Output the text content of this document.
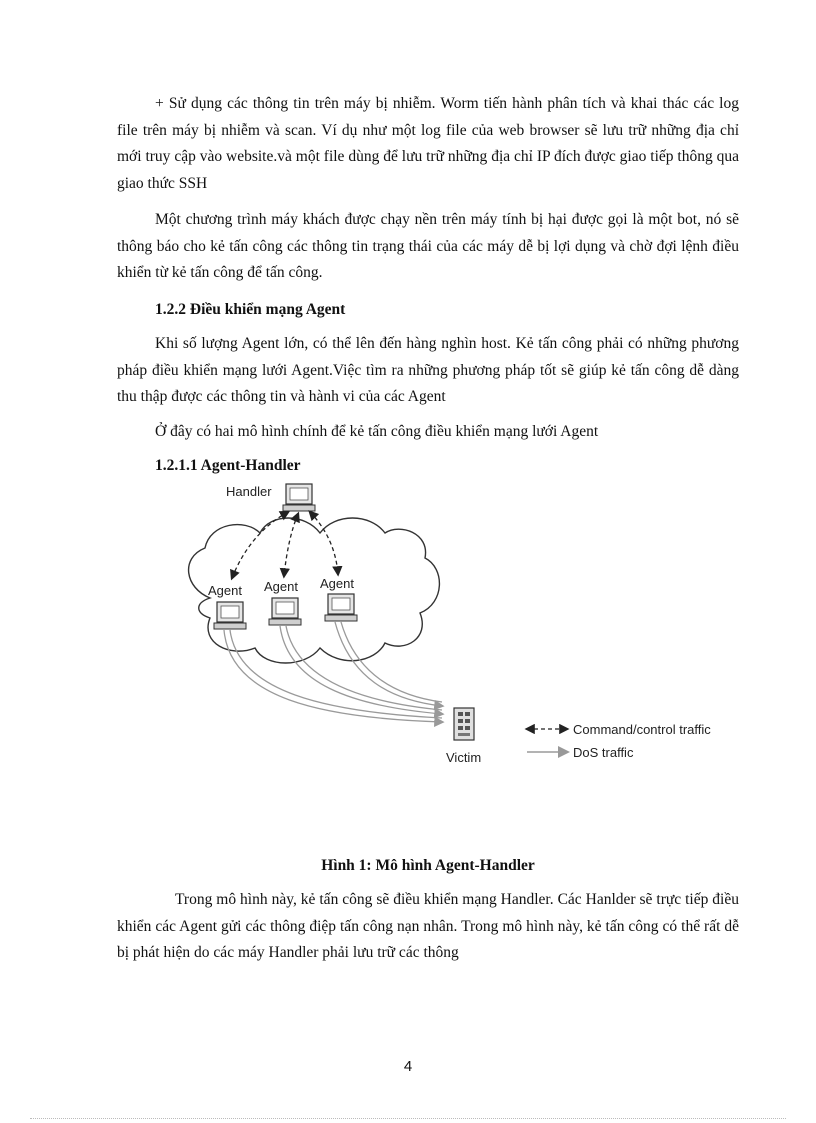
+ Sử dụng các thông tin trên máy bị nhiễm. Worm tiến hành phân tích và khai thác các log file trên máy bị nhiễm và scan. Ví dụ như một log file của web browser sẽ lưu trữ những địa chỉ mới truy cập vào website.và một file dùng để lưu trữ những địa chỉ IP đích được giao tiếp thông qua giao thức SSH

Một chương trình máy khách được chạy nền trên máy tính bị hại được gọi là một bot, nó sẽ thông báo cho kẻ tấn công các thông tin trạng thái của các máy dễ bị lợi dụng và chờ đợi lệnh điều khiển từ kẻ tấn công để tấn công.

1.2.2 Điều khiển mạng Agent

Khi số lượng Agent lớn, có thể lên đến hàng nghìn host. Kẻ tấn công phải có những phương pháp điều khiển mạng lưới Agent.Việc tìm ra những phương pháp tốt sẽ giúp kẻ tấn công dễ dàng thu thập được các thông tin và hành vi của các Agent

Ở đây có hai mô hình chính để kẻ tấn công điều khiển mạng lưới Agent

1.2.1.1 Agent-Handler

Handler
Agent Agent Agent
Victim
Command/control traffic
DoS traffic
Hình 1: Mô hình Agent-Handler

Trong mô hình này, kẻ tấn công sẽ điều khiển mạng Handler. Các Hanlder sẽ trực tiếp điều khiển các Agent gửi các thông điệp tấn công nạn nhân. Trong mô hình này, kẻ tấn công có thể rất dễ bị phát hiện do các máy Handler phải lưu trữ các thông

4
